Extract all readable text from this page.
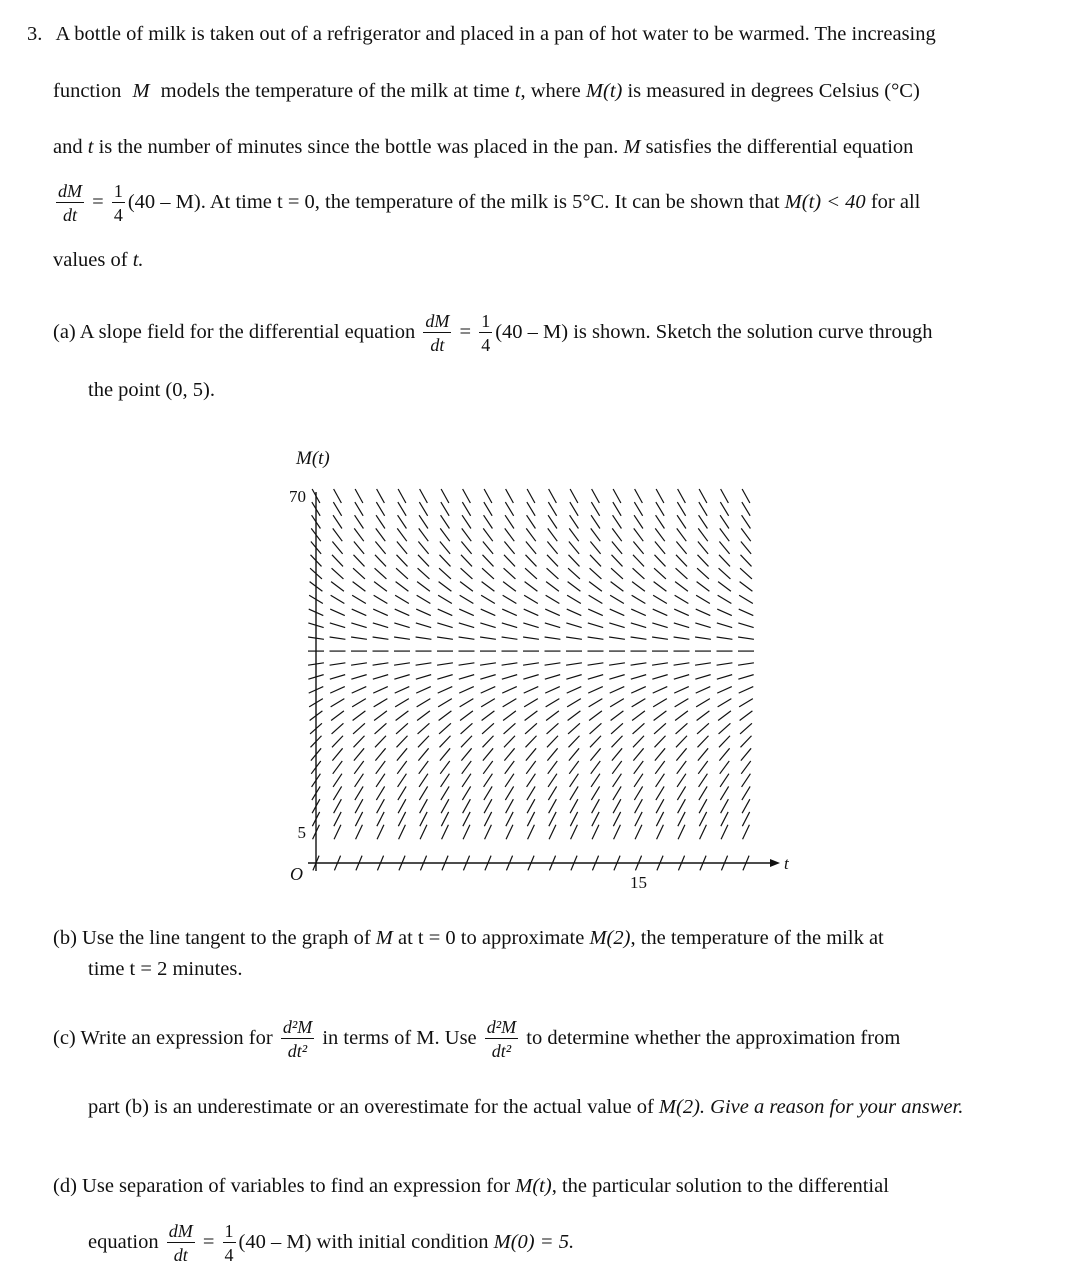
3. A bottle of milk is taken out of a refrigerator and placed in a pan of hot water to be warmed. The increasing
function M models the temperature of the milk at time t, where M(t) is measured in degrees Celsius (°C)
and t is the number of minutes since the bottle was placed in the pan. M satisfies the differential equation
$\frac{dM}{dt} = \frac{1}{4} (40 - M)$. At time t = 0, the temperature of the milk is 5°C. It can be shown that M(t) < 40 for all
values of t.
(a) A slope field for the differential equation $\frac{dM}{dt} = \frac{1}{4} (40 - M)$ is shown. Sketch the solution curve through
the point (0, 5).
M(t)
t
O
70
5
15
(b) Use the line tangent to the graph of M at t = 0 to approximate M(2), the temperature of the milk at
time t = 2 minutes.
(c) Write an expression for $\frac{\text{d²M}}{\text{dt²}}$ in terms of M. Use $\frac{\text{d²M}}{\text{dt²}}$ to determine whether the approximation from
part (b) is an underestimate or an overestimate for the actual value of M(2). Give a reason for your answer.
(d) Use separation of variables to find an expression for M(t), the particular solution to the differential
equation $\frac{dM}{dt} = \frac{1}{4} (40 - M)$ with initial condition M(0) = 5.
